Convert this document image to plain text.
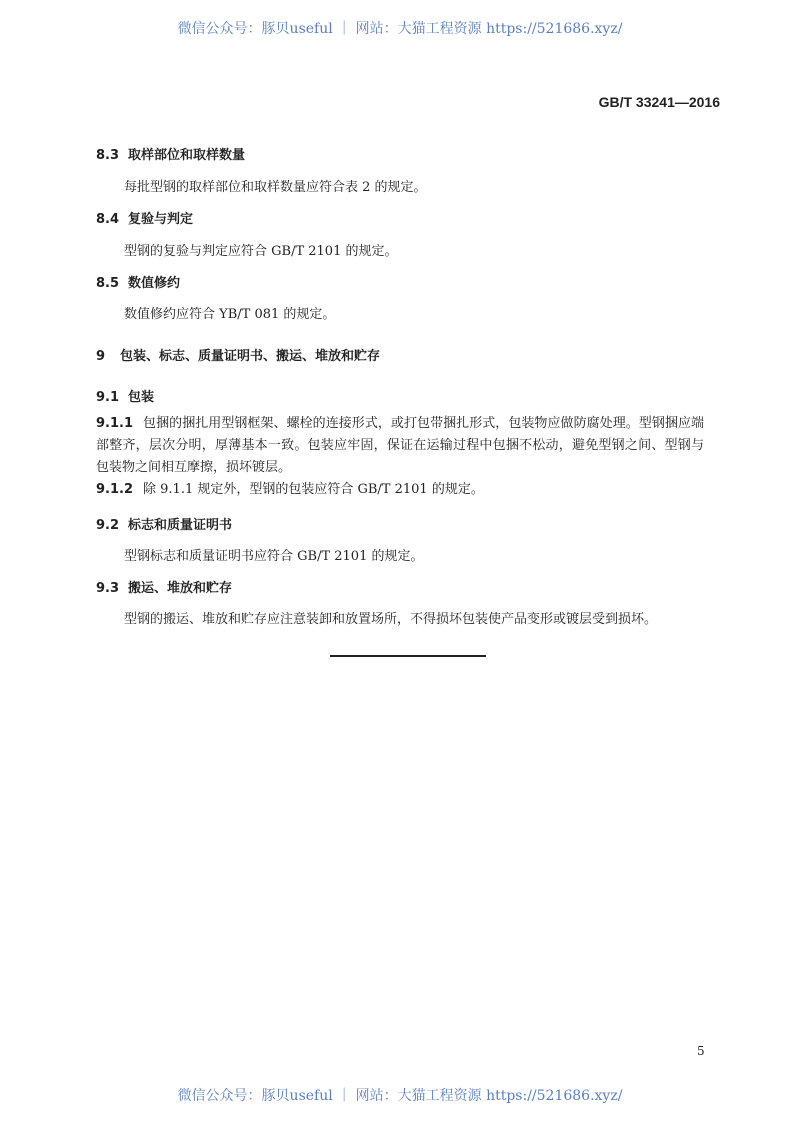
微信公众号：豚贝useful ｜ 网站：大猫工程资源 https://521686.xyz/
GB/T 33241—2016
8.3 取样部位和取样数量
每批型钢的取样部位和取样数量应符合表 2 的规定。
8.4 复验与判定
型钢的复验与判定应符合 GB/T 2101 的规定。
8.5 数值修约
数值修约应符合 YB/T 081 的规定。
9 包装、标志、质量证明书、搬运、堆放和贮存
9.1 包装
9.1.1 包捆的捆扎用型钢框架、螺栓的连接形式，或打包带捆扎形式，包装物应做防腐处理。型钢捆应端部整齐，层次分明，厚薄基本一致。包装应牢固，保证在运输过程中包捆不松动，避免型钢之间、型钢与包装物之间相互摩擦，损坏镀层。
9.1.2 除 9.1.1 规定外，型钢的包装应符合 GB/T 2101 的规定。
9.2 标志和质量证明书
型钢标志和质量证明书应符合 GB/T 2101 的规定。
9.3 搬运、堆放和贮存
型钢的搬运、堆放和贮存应注意装卸和放置场所，不得损坏包装使产品变形或镀层受到损坏。
5
微信公众号：豚贝useful ｜ 网站：大猫工程资源 https://521686.xyz/
